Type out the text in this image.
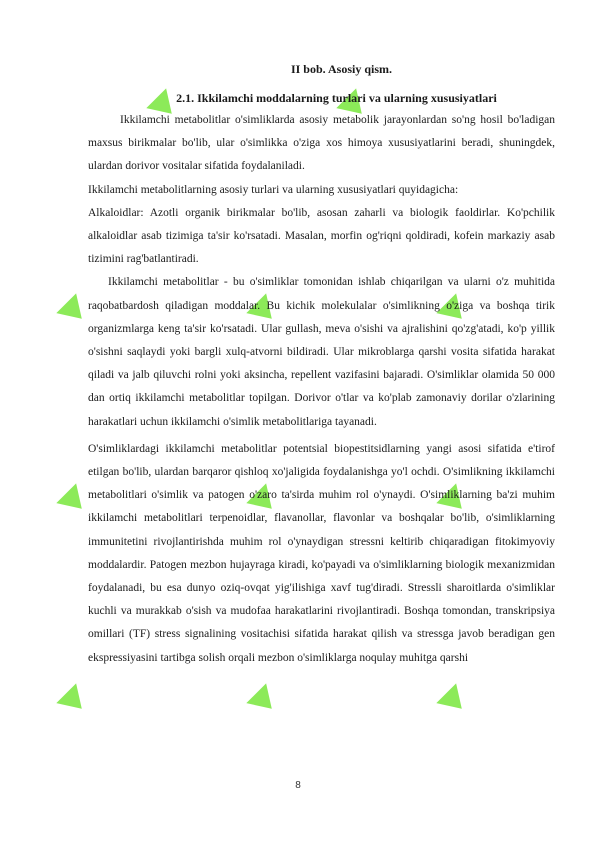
II bob. Asosiy qism.
2.1. Ikkilamchi moddalarning turlari va ularning xususiyatlari

Ikkilamchi metabolitlar o'simliklarda asosiy metabolik jarayonlardan so'ng hosil bo'ladigan maxsus birikmalar bo'lib, ular o'simlikka o'ziga xos himoya xususiyatlarini beradi, shuningdek, ulardan dorivor vositalar sifatida foydalaniladi.

Ikkilamchi metabolitlarning asosiy turlari va ularning xususiyatlari quyidagicha:

Alkaloidlar: Azotli organik birikmalar bo'lib, asosan zaharli va biologik faoldirlar. Ko'pchilik alkaloidlar asab tizimiga ta'sir ko'rsatadi. Masalan, morfin og'riqni qoldiradi, kofein markaziy asab tizimini rag'batlantiradi.

Ikkilamchi metabolitlar - bu o'simliklar tomonidan ishlab chiqarilgan va ularni o'z muhitida raqobatbardosh qiladigan moddalar. Bu kichik molekulalar o'simlikning o'ziga va boshqa tirik organizmlarga keng ta'sir ko'rsatadi. Ular gullash, meva o'sishi va ajralishini qo'zg'atadi, ko'p yillik o'sishni saqlaydi yoki bargli xulq-atvorni bildiradi. Ular mikroblarga qarshi vosita sifatida harakat qiladi va jalb qiluvchi rolni yoki aksincha, repellent vazifasini bajaradi. O'simliklar olamida 50 000 dan ortiq ikkilamchi metabolitlar topilgan. Dorivor o'tlar va ko'plab zamonaviy dorilar o'zlarining harakatlari uchun ikkilamchi o'simlik metabolitlariga tayanadi.

O'simliklardagi ikkilamchi metabolitlar potentsial biopestitsidlarning yangi asosi sifatida e'tirof etilgan bo'lib, ulardan barqaror qishloq xo'jaligida foydalanishga yo'l ochdi. O'simlikning ikkilamchi metabolitlari o'simlik va patogen o'zaro ta'sirda muhim rol o'ynaydi. O'simliklarning ba'zi muhim ikkilamchi metabolitlari terpenoidlar, flavanollar, flavonlar va boshqalar bo'lib, o'simliklarning immunitetini rivojlantirishda muhim rol o'ynaydigan stressni keltirib chiqaradigan fitokimyoviy moddalardir. Patogen mezbon hujayraga kiradi, ko'payadi va o'simliklarning biologik mexanizmidan foydalanadi, bu esa dunyo oziq-ovqat yig'ilishiga xavf tug'diradi. Stressli sharoitlarda o'simliklar kuchli va murakkab o'sish va mudofaa harakatlarini rivojlantiradi. Boshqa tomondan, transkripsiya omillari (TF) stress signalining vositachisi sifatida harakat qilish va stressga javob beradigan gen ekspressiyasini tartibga solish orqali mezbon o'simliklarga noqulay muhitga qarshi

8
